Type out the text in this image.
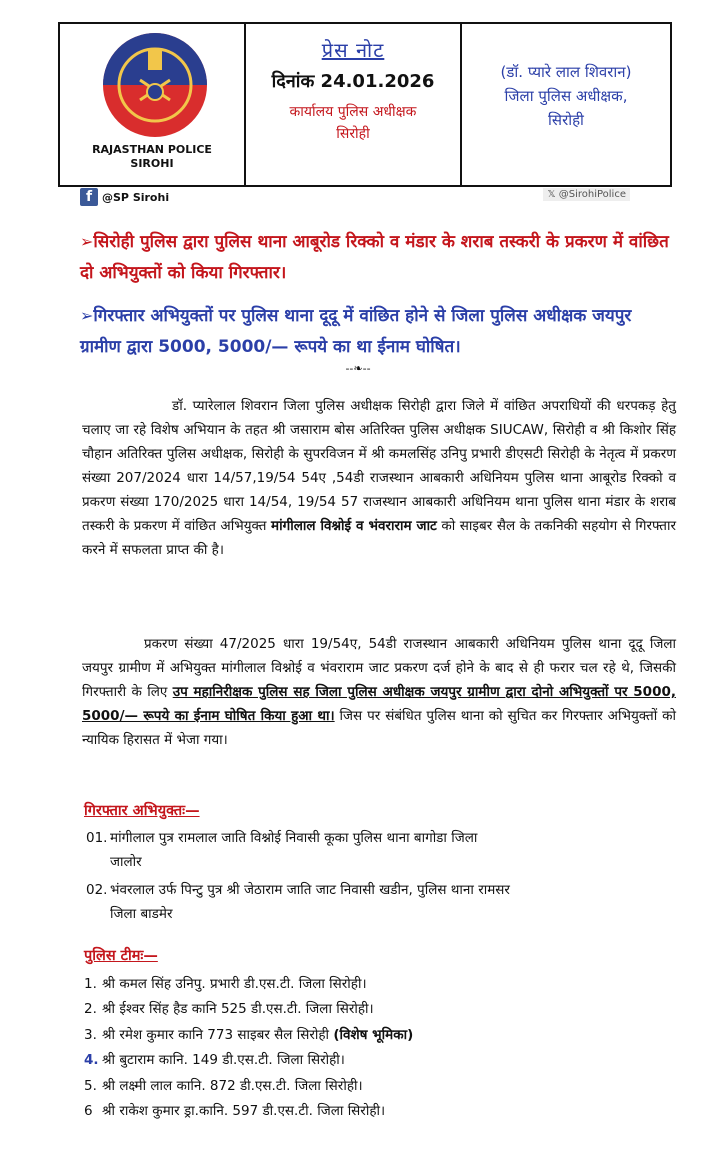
RAJASTHAN POLICE
SIROHI
प्रेस नोट
दिनांक 24.01.2026
कार्यालय पुलिस अधीक्षक
सिरोही
(डॉ. प्यारे लाल शिवरान)
जिला पुलिस अधीक्षक,
सिरोही
f @SP Sirohi	𝕏 @SirohiPolice
➢सिरोही पुलिस द्वारा पुलिस थाना आबूरोड रिक्को व मंडार के शराब तस्करी के प्रकरण में वांछित दो अभियुक्तों को किया गिरफ्तार।
➢गिरफ्तार अभियुक्तों पर पुलिस थाना दूदू में वांछित होने से जिला पुलिस अधीक्षक जयपुर ग्रामीण द्वारा 5000, 5000/— रूपये का था ईनाम घोषित।
--❧--
डॉ. प्यारेलाल शिवरान जिला पुलिस अधीक्षक सिरोही द्वारा जिले में वांछित अपराधियों की धरपकड़ हेतु चलाए जा रहे विशेष अभियान के तहत श्री जसाराम बोस अतिरिक्त पुलिस अधीक्षक SIUCAW, सिरोही व श्री किशोर सिंह चौहान अतिरिक्त पुलिस अधीक्षक, सिरोही के सुपरविजन में श्री कमलसिंह उनिपु प्रभारी डीएसटी सिरोही के नेतृत्व में प्रकरण संख्या 207/2024 धारा 14/57,19/54 54ए ,54डी राजस्थान आबकारी अधिनियम पुलिस थाना आबूरोड रिक्को व प्रकरण संख्या 170/2025 धारा 14/54, 19/54 57 राजस्थान आबकारी अधिनियम थाना पुलिस थाना मंडार के शराब तस्करी के प्रकरण में वांछित अभियुक्त मांगीलाल विश्नोई व भंवराराम जाट को साइबर सैल के तकनिकी सहयोग से गिरफ्तार करने में सफलता प्राप्त की है।
प्रकरण संख्या 47/2025 धारा 19/54ए, 54डी राजस्थान आबकारी अधिनियम पुलिस थाना दूदू जिला जयपुर ग्रामीण में अभियुक्त मांगीलाल विश्नोई व भंवराराम जाट प्रकरण दर्ज होने के बाद से ही फरार चल रहे थे, जिसकी गिरफ्तारी के लिए उप महानिरीक्षक पुलिस सह जिला पुलिस अधीक्षक जयपुर ग्रामीण द्वारा दोनो अभियुक्तों पर 5000, 5000/— रूपये का ईनाम घोषित किया हुआ था। जिस पर संबंधित पुलिस थाना को सुचित कर गिरफ्तार अभियुक्तों को न्यायिक हिरासत में भेजा गया।
गिरफ्तार अभियुक्तः—
01. मांगीलाल पुत्र रामलाल जाति विश्नोई निवासी कूका पुलिस थाना बागोडा जिला
जालोर
02. भंवरलाल उर्फ पिन्टु पुत्र श्री जेठाराम जाति जाट निवासी खडीन, पुलिस थाना रामसर
जिला बाडमेर
पुलिस टीमः—
1. श्री कमल सिंह उनिपु. प्रभारी डी.एस.टी. जिला सिरोही।
2. श्री ईश्वर सिंह हैड कानि 525 डी.एस.टी. जिला सिरोही।
3. श्री रमेश कुमार कानि 773 साइबर सैल सिरोही (विशेष भूमिका)
4. श्री बुटाराम कानि. 149 डी.एस.टी. जिला सिरोही।
5. श्री लक्ष्मी लाल कानि. 872 डी.एस.टी. जिला सिरोही।
6 श्री राकेश कुमार ड्रा.कानि. 597 डी.एस.टी. जिला सिरोही।
